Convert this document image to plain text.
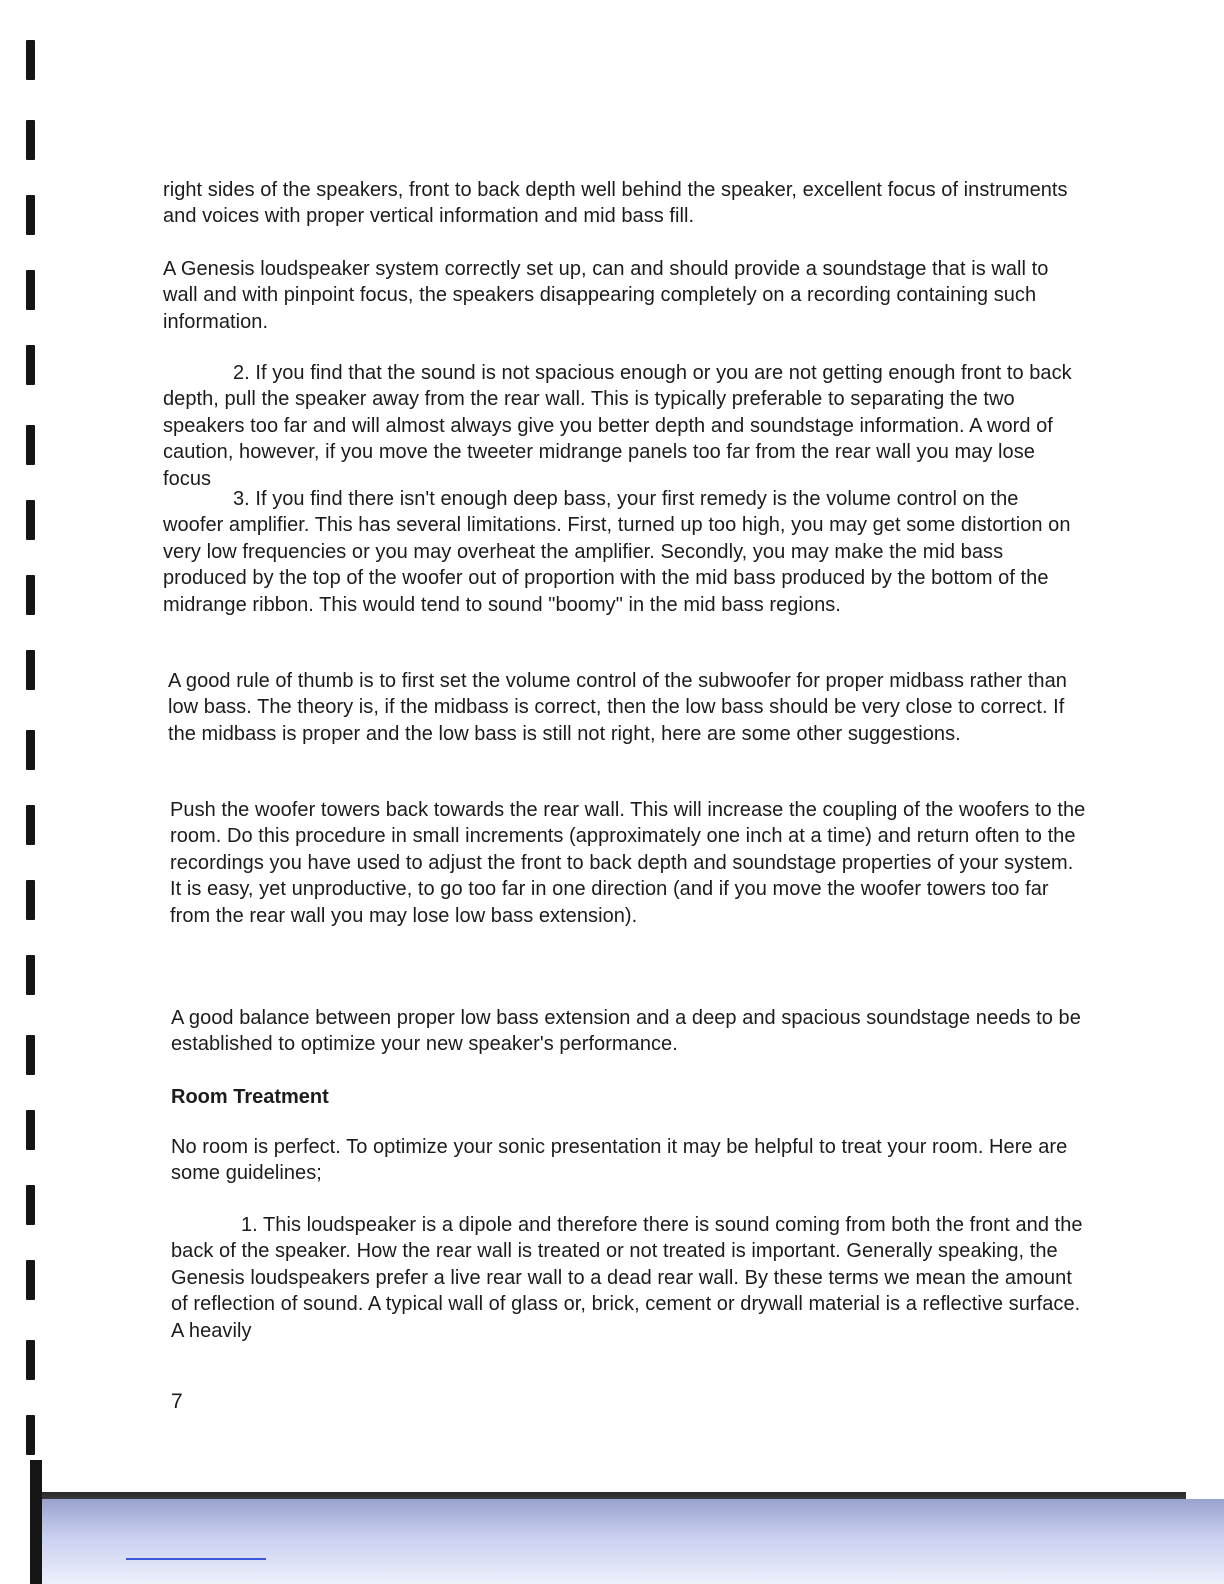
right sides of the speakers, front to back depth well behind the speaker, excellent focus of instruments and voices with proper vertical information and mid bass fill.

A Genesis loudspeaker system correctly set up, can and should provide a soundstage that is wall to wall and with pinpoint focus, the speakers disappearing completely on a recording containing such information.

2. If you find that the sound is not spacious enough or you are not getting enough front to back depth, pull the speaker away from the rear wall. This is typically preferable to separating the two speakers too far and will almost always give you better depth and soundstage information. A word of caution, however, if you move the tweeter midrange panels too far from the rear wall you may lose focus

3. If you find there isn't enough deep bass, your first remedy is the volume control on the woofer amplifier. This has several limitations. First, turned up too high, you may get some distortion on very low frequencies or you may overheat the amplifier. Secondly, you may make the mid bass produced by the top of the woofer out of proportion with the mid bass produced by the bottom of the midrange ribbon. This would tend to sound "boomy" in the mid bass regions.

A good rule of thumb is to first set the volume control of the subwoofer for proper midbass rather than low bass. The theory is, if the midbass is correct, then the low bass should be very close to correct. If the midbass is proper and the low bass is still not right, here are some other suggestions.

Push the woofer towers back towards the rear wall. This will increase the coupling of the woofers to the room. Do this procedure in small increments (approximately one inch at a time) and return often to the recordings you have used to adjust the front to back depth and soundstage properties of your system. It is easy, yet unproductive, to go too far in one direction (and if you move the woofer towers too far from the rear wall you may lose low bass extension).

A good balance between proper low bass extension and a deep and spacious soundstage needs to be established to optimize your new speaker's performance.

Room Treatment

No room is perfect. To optimize your sonic presentation it may be helpful to treat your room. Here are some guidelines;

1. This loudspeaker is a dipole and therefore there is sound coming from both the front and the back of the speaker. How the rear wall is treated or not treated is important. Generally speaking, the Genesis loudspeakers prefer a live rear wall to a dead rear wall. By these terms we mean the amount of reflection of sound. A typical wall of glass or, brick, cement or drywall material is a reflective surface. A heavily

7
